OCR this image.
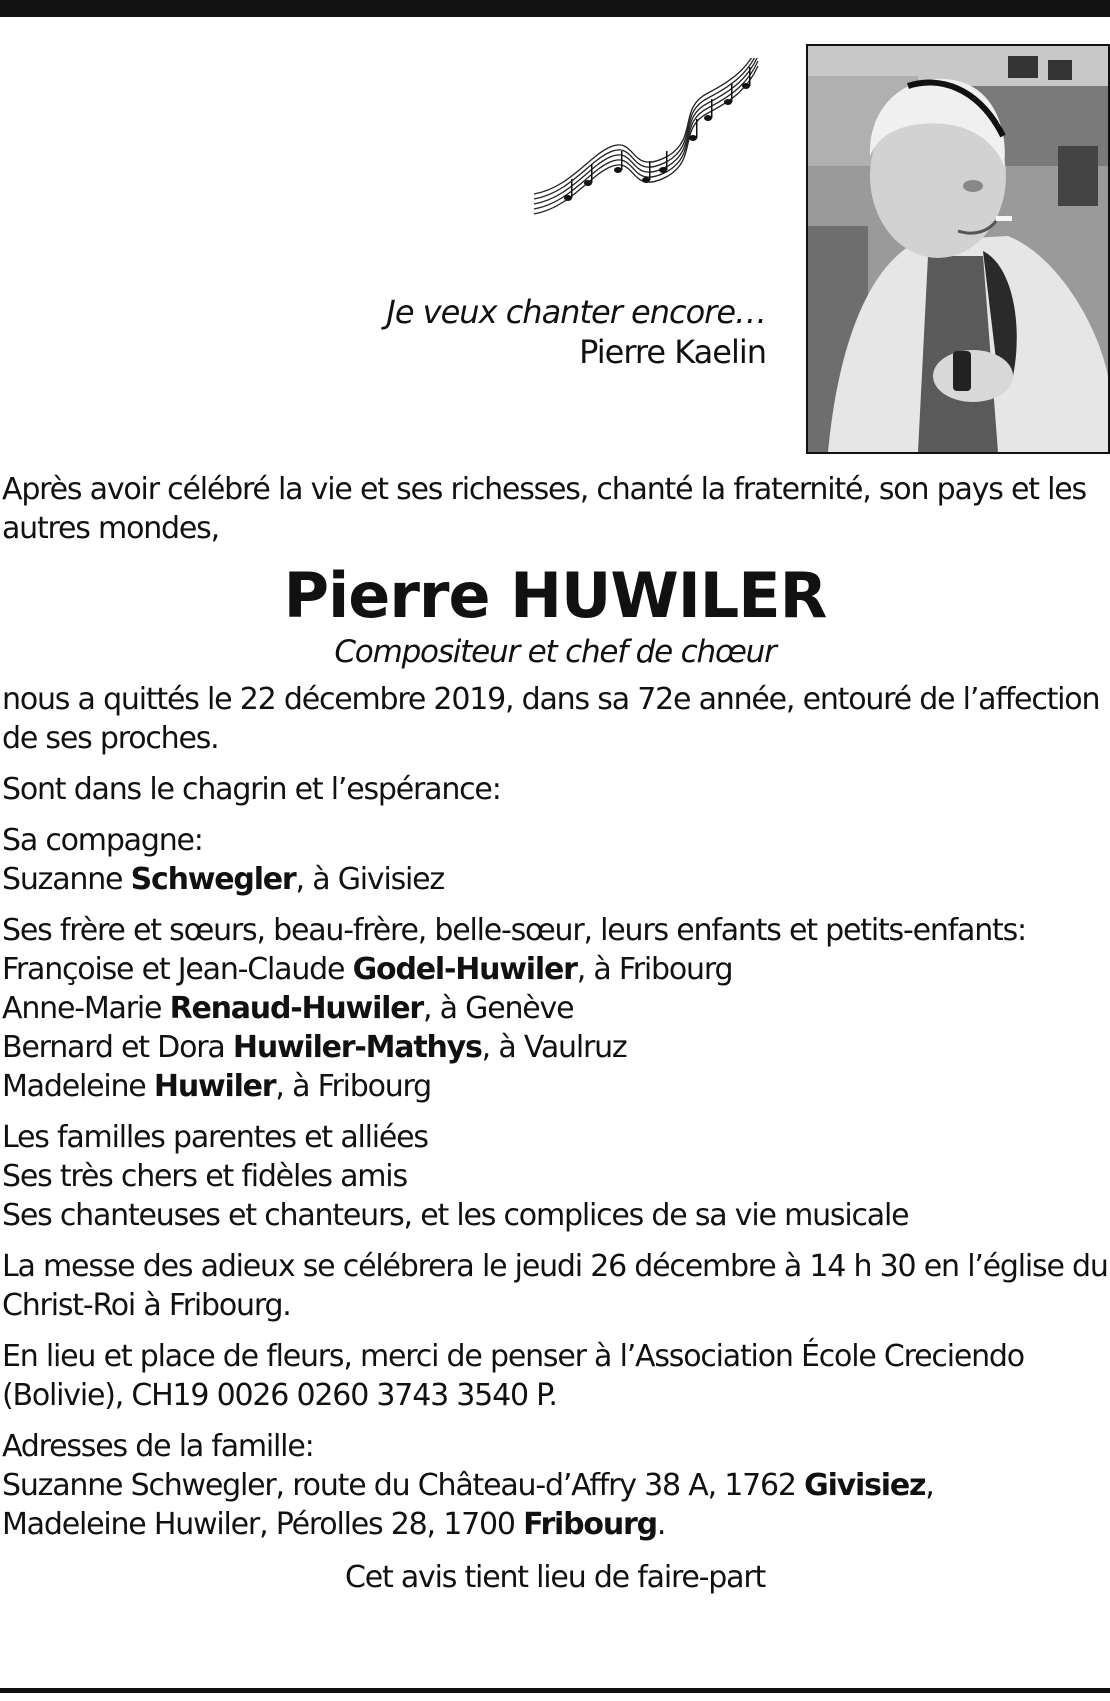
Je veux chanter encore…
Pierre Kaelin

Après avoir célébré la vie et ses richesses, chanté la fraternité, son pays et les autres mondes,

Pierre HUWILER
Compositeur et chef de chœur

nous a quittés le 22 décembre 2019, dans sa 72e année, entouré de l’affection de ses proches.

Sont dans le chagrin et l’espérance:

Sa compagne:
Suzanne Schwegler, à Givisiez

Ses frère et sœurs, beau-frère, belle-sœur, leurs enfants et petits-enfants:
Françoise et Jean-Claude Godel-Huwiler, à Fribourg
Anne-Marie Renaud-Huwiler, à Genève
Bernard et Dora Huwiler-Mathys, à Vaulruz
Madeleine Huwiler, à Fribourg

Les familles parentes et alliées
Ses très chers et fidèles amis
Ses chanteuses et chanteurs, et les complices de sa vie musicale

La messe des adieux se célébrera le jeudi 26 décembre à 14 h 30 en l’église du Christ-Roi à Fribourg.

En lieu et place de fleurs, merci de penser à l’Association École Creciendo (Bolivie), CH19 0026 0260 3743 3540 P.

Adresses de la famille:
Suzanne Schwegler, route du Château-d’Affry 38 A, 1762 Givisiez,
Madeleine Huwiler, Pérolles 28, 1700 Fribourg.

Cet avis tient lieu de faire-part
